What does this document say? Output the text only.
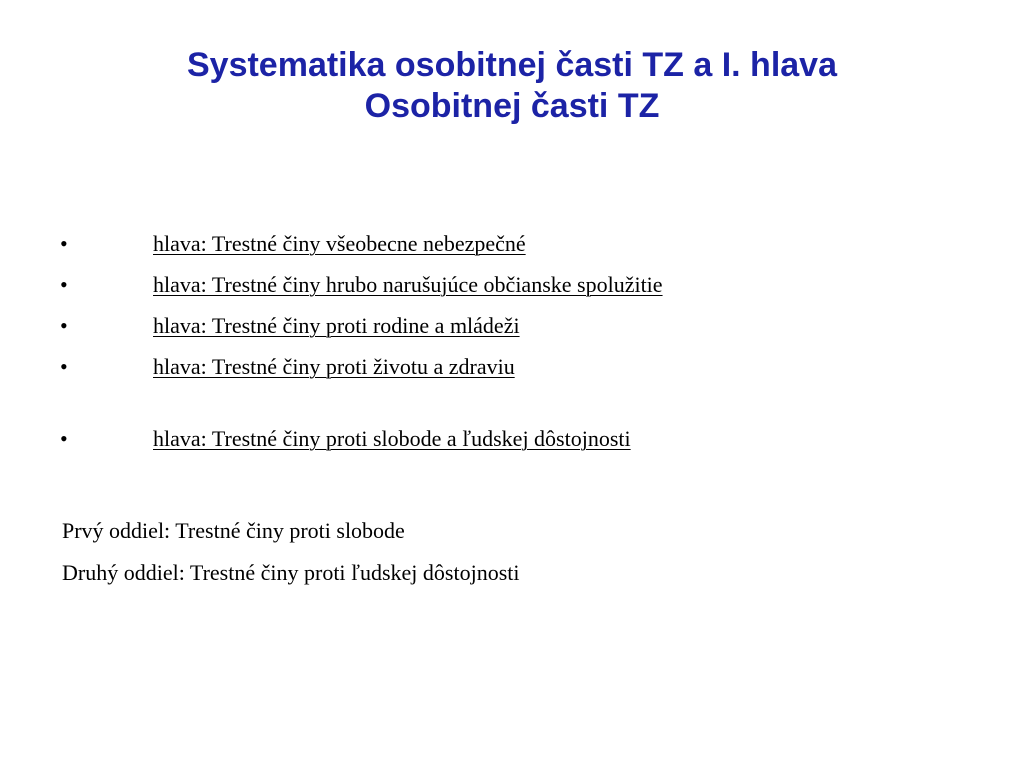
Systematika osobitnej časti TZ a I. hlava
Osobitnej časti TZ
•	hlava: Trestné činy všeobecne nebezpečné
•	hlava: Trestné činy hrubo narušujúce občianske spolužitie
•	hlava: Trestné činy proti rodine a mládeži
•	hlava: Trestné činy proti životu a zdraviu
•	hlava: Trestné činy proti slobode a ľudskej dôstojnosti
Prvý oddiel: Trestné činy proti slobode
Druhý oddiel: Trestné činy proti ľudskej dôstojnosti
